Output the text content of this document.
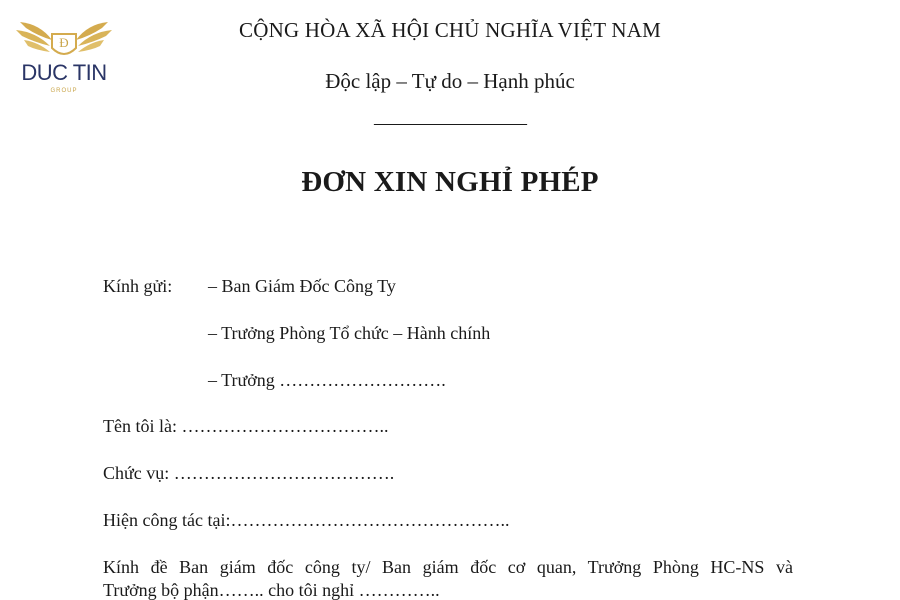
Đ
DUC TIN
GROUP
CỘNG HÒA XÃ HỘI CHỦ NGHĨA VIỆT NAM
Độc lập – Tự do – Hạnh phúc
————————
ĐƠN XIN NGHỈ PHÉP
Kính gửi: – Ban Giám Đốc Công Ty
– Trưởng Phòng Tổ chức – Hành chính
– Trưởng ……………………….
Tên tôi là: ……………………………..
Chức vụ: ……………………………….
Hiện công tác tại:………………………………………..
Kính đề Ban giám đốc công ty/ Ban giám đốc cơ quan, Trưởng Phòng HC-NS và
Trưởng bộ phận…….. cho tôi nghỉ …………..
